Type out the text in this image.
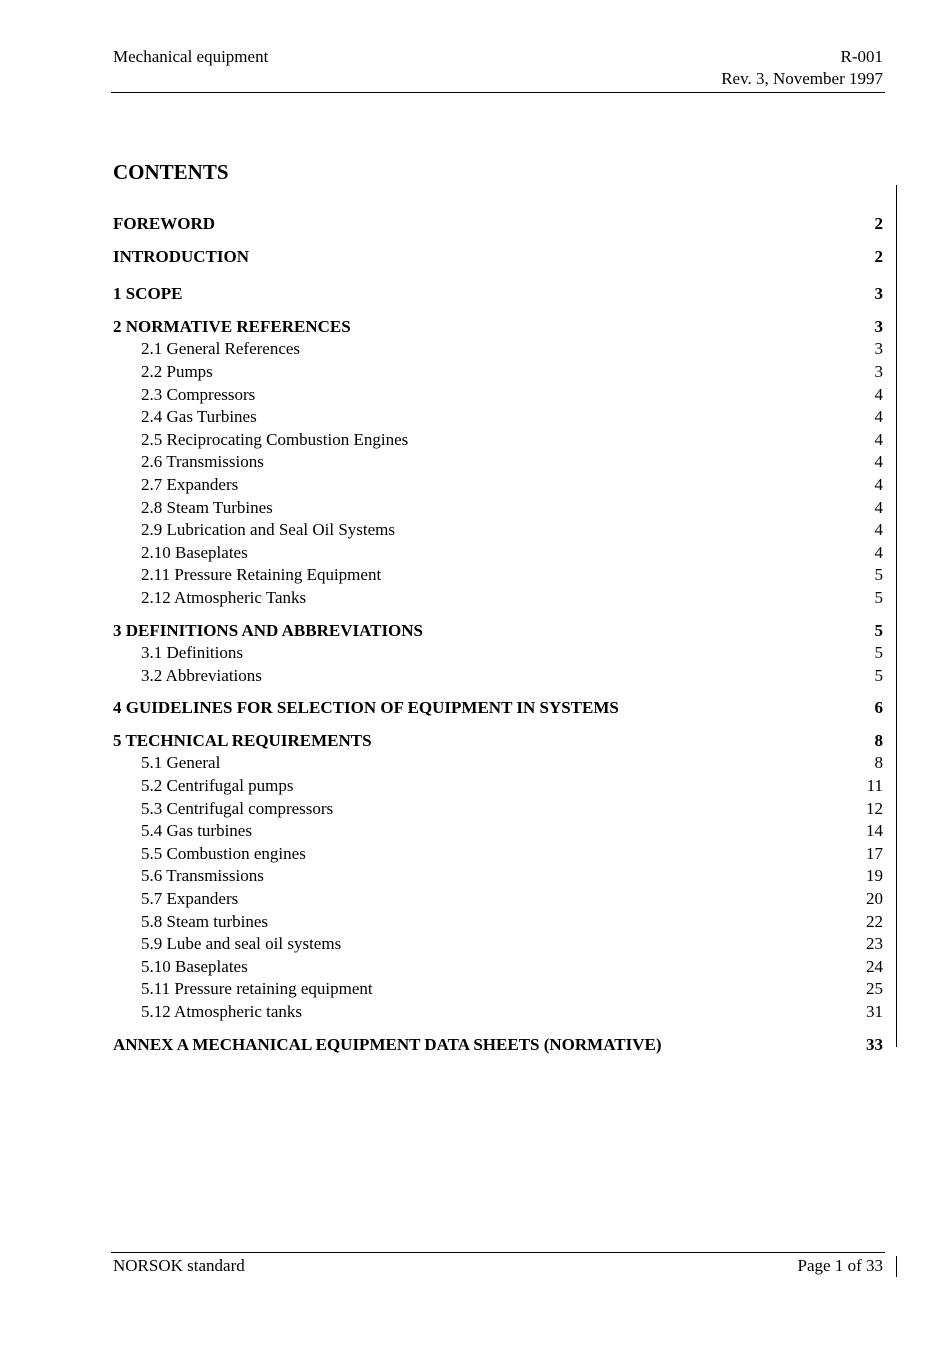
Mechanical equipment	R-001
Rev. 3, November 1997
CONTENTS
FOREWORD	2
INTRODUCTION	2
1 SCOPE	3
2 NORMATIVE REFERENCES	3
2.1 General References	3
2.2 Pumps	3
2.3 Compressors	4
2.4 Gas Turbines	4
2.5 Reciprocating Combustion Engines	4
2.6 Transmissions	4
2.7 Expanders	4
2.8 Steam Turbines	4
2.9 Lubrication and Seal Oil Systems	4
2.10 Baseplates	4
2.11 Pressure Retaining Equipment	5
2.12 Atmospheric Tanks	5
3 DEFINITIONS AND ABBREVIATIONS	5
3.1 Definitions	5
3.2 Abbreviations	5
4 GUIDELINES FOR SELECTION OF EQUIPMENT IN SYSTEMS	6
5 TECHNICAL REQUIREMENTS	8
5.1 General	8
5.2 Centrifugal pumps	11
5.3 Centrifugal compressors	12
5.4 Gas turbines	14
5.5 Combustion engines	17
5.6 Transmissions	19
5.7 Expanders	20
5.8 Steam turbines	22
5.9 Lube and seal oil systems	23
5.10 Baseplates	24
5.11 Pressure retaining equipment	25
5.12 Atmospheric tanks	31
ANNEX A MECHANICAL EQUIPMENT DATA SHEETS (NORMATIVE)	33
NORSOK standard	Page 1 of 33
